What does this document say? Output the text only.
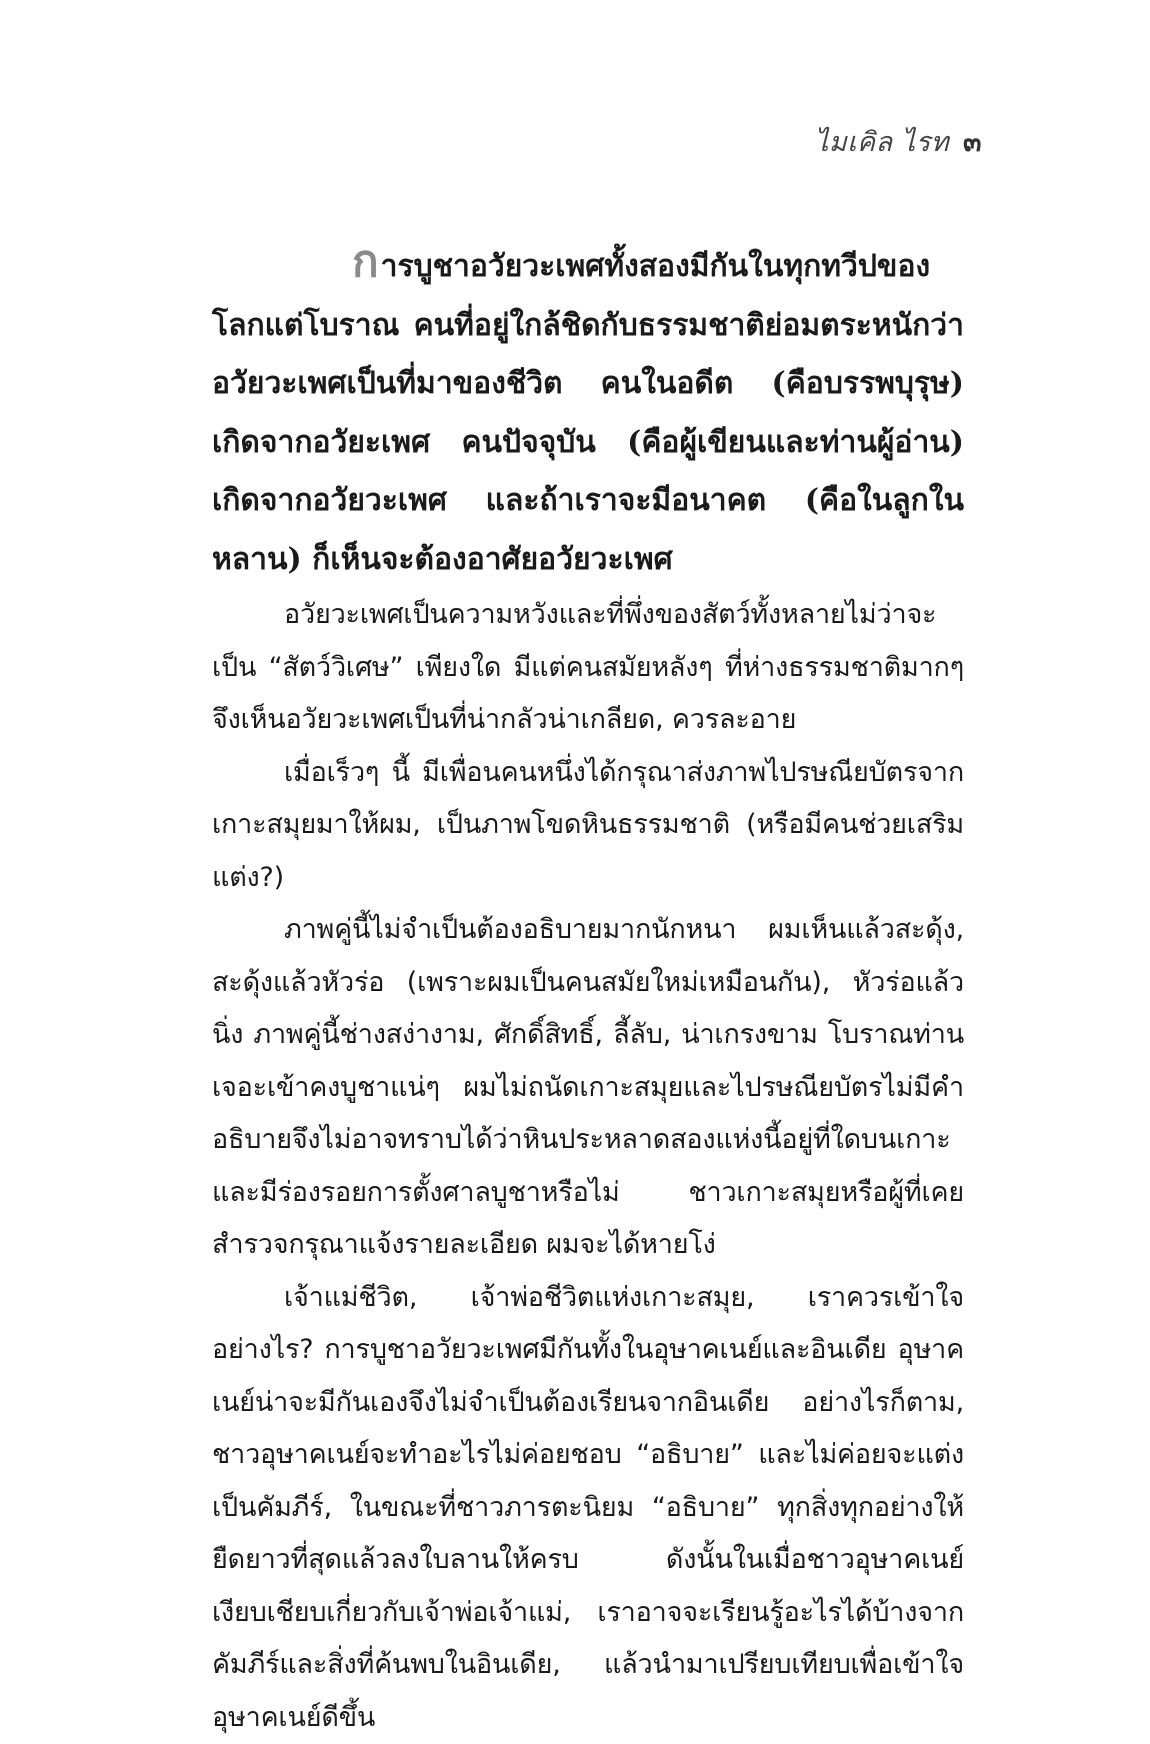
ไมเคิล ไรท ๓

การบูชาอวัยวะเพศทั้งสองมีกันในทุกทวีปของโลกแต่โบราณ คนที่อยู่ใกล้ชิดกับธรรมชาติย่อมตระหนักว่าอวัยวะเพศเป็นที่มาของชีวิต คนในอดีต (คือบรรพบุรุษ) เกิดจากอวัยะเพศ คนปัจจุบัน (คือผู้เขียนและท่านผู้อ่าน) เกิดจากอวัยวะเพศ และถ้าเราจะมีอนาคต (คือในลูกในหลาน) ก็เห็นจะต้องอาศัยอวัยวะเพศ

อวัยวะเพศเป็นความหวังและที่พึ่งของสัตว์ทั้งหลายไม่ว่าจะเป็น “สัตว์วิเศษ” เพียงใด มีแต่คนสมัยหลังๆ ที่ห่างธรรมชาติมากๆ จึงเห็นอวัยวะเพศเป็นที่น่ากลัวน่าเกลียด, ควรละอาย

เมื่อเร็วๆ นี้ มีเพื่อนคนหนึ่งได้กรุณาส่งภาพไปรษณียบัตรจากเกาะสมุยมาให้ผม, เป็นภาพโขดหินธรรมชาติ (หรือมีคนช่วยเสริมแต่ง?)

ภาพคู่นี้ไม่จำเป็นต้องอธิบายมากนักหนา ผมเห็นแล้วสะดุ้ง, สะดุ้งแล้วหัวร่อ (เพราะผมเป็นคนสมัยใหม่เหมือนกัน), หัวร่อแล้วนิ่ง ภาพคู่นี้ช่างสง่างาม, ศักดิ์สิทธิ์, ลี้ลับ, น่าเกรงขาม โบราณท่านเจอะเข้าคงบูชาแน่ๆ ผมไม่ถนัดเกาะสมุยและไปรษณียบัตรไม่มีคำอธิบายจึงไม่อาจทราบได้ว่าหินประหลาดสองแห่งนี้อยู่ที่ใดบนเกาะ และมีร่องรอยการตั้งศาลบูชาหรือไม่ ชาวเกาะสมุยหรือผู้ที่เคยสำรวจกรุณาแจ้งรายละเอียด ผมจะได้หายโง่

เจ้าแม่ชีวิต, เจ้าพ่อชีวิตแห่งเกาะสมุย, เราควรเข้าใจอย่างไร? การบูชาอวัยวะเพศมีกันทั้งในอุษาคเนย์และอินเดีย อุษาคเนย์น่าจะมีกันเองจึงไม่จำเป็นต้องเรียนจากอินเดีย อย่างไรก็ตาม, ชาวอุษาคเนย์จะทำอะไรไม่ค่อยชอบ “อธิบาย” และไม่ค่อยจะแต่งเป็นคัมภีร์, ในขณะที่ชาวภารตะนิยม “อธิบาย” ทุกสิ่งทุกอย่างให้ยืดยาวที่สุดแล้วลงใบลานให้ครบ ดังนั้นในเมื่อชาวอุษาคเนย์เงียบเชียบเกี่ยวกับเจ้าพ่อเจ้าแม่, เราอาจจะเรียนรู้อะไรได้บ้างจากคัมภีร์และสิ่งที่ค้นพบในอินเดีย, แล้วนำมาเปรียบเทียบเพื่อเข้าใจอุษาคเนย์ดีขึ้น
